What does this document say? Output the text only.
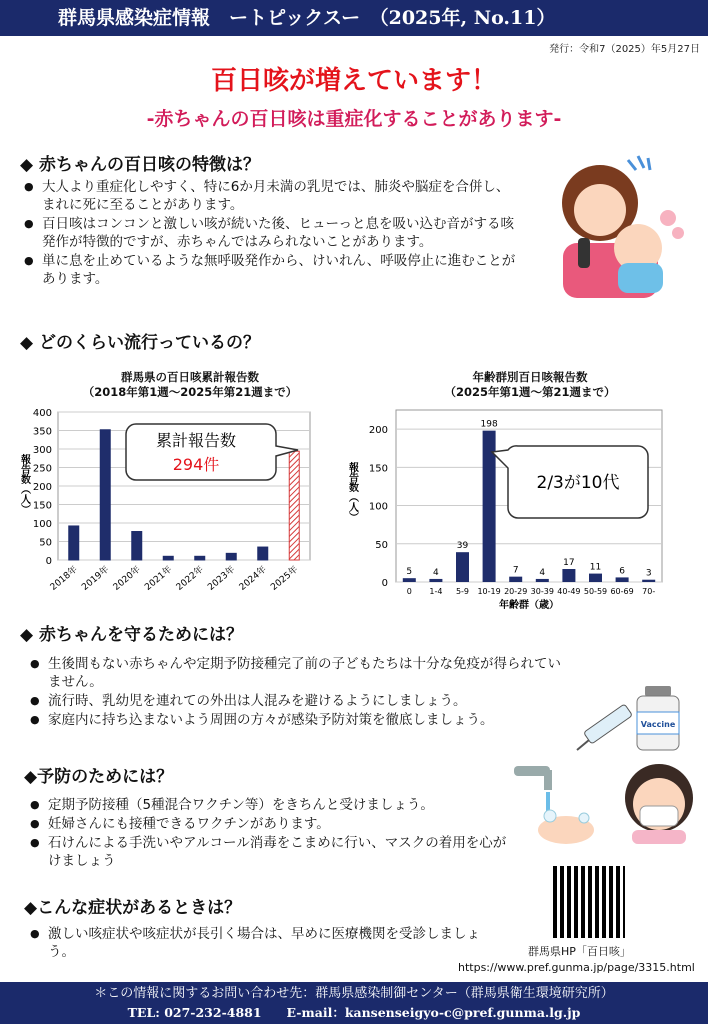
群馬県感染症情報　ートピックスー　（2025年, No.11）
発行：令和7（2025）年5月27日
百日咳が増えています！
-赤ちゃんの百日咳は重症化することがあります-
◆ 赤ちゃんの百日咳の特徴は？
● 大人より重症化しやすく、特に6か月未満の乳児では、肺炎や脳症を合併し、まれに死に至ることがあります。
● 百日咳はコンコンと激しい咳が続いた後、ヒューっと息を吸い込む音がする咳発作が特徴的ですが、赤ちゃんではみられないことがあります。
● 単に息を止めているような無呼吸発作から、けいれん、呼吸停止に進むことがあります。
◆ どのくらい流行っているの？
群馬県の百日咳累計報告数
（2018年第1週～2025年第21週まで）
0
50
100
150
200
250
300
350
400
報告数（人）
2018年 2019年 2020年 2021年 2022年 2023年 2024年 2025年
累計報告数
294件
年齢群別百日咳報告数
（2025年第1週～第21週まで）
0
50
100
150
200
報告数（人）
5
0
4
1-4
39
5-9
198
10-19
7
20-29
4
30-39
17
40-49
11
50-59
6
60-69
3
70-
年齢群（歳）
2/3が10代
◆ 赤ちゃんを守るためには？
● 生後間もない赤ちゃんや定期予防接種完了前の子どもたちは十分な免疫が得られていません。
● 流行時、乳幼児を連れての外出は人混みを避けるようにしましょう。
● 家庭内に持ち込まないよう周囲の方々が感染予防対策を徹底しましょう。	Vaccine
◆予防のためには？
● 定期予防接種（5種混合ワクチン等）をきちんと受けましょう。
● 妊婦さんにも接種できるワクチンがあります。
● 石けんによる手洗いやアルコール消毒をこまめに行い、マスクの着用を心がけましょう
◆こんな症状があるときは？
● 激しい咳症状や咳症状が長引く場合は、早めに医療機関を受診しましょう。	群馬県HP「百日咳」
https://www.pref.gunma.jp/page/3315.html
＊この情報に関するお問い合わせ先：群馬県感染制御センター（群馬県衛生環境研究所）
TEL: 027-232-4881　　E-mail：kansenseigyo-c@pref.gunma.lg.jp
